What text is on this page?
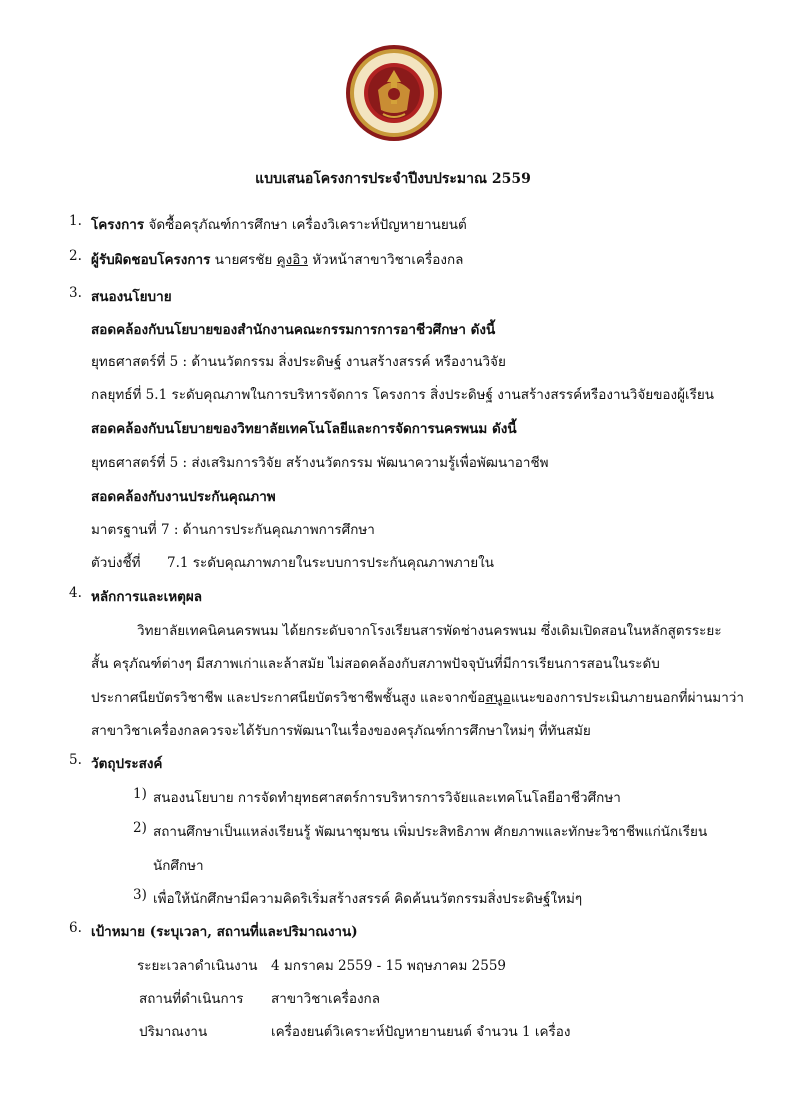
แบบเสนอโครงการประจำปีงบประมาณ 2559
1. โครงการ จัดซื้อครุภัณฑ์การศึกษา เครื่องวิเคราะห์ปัญหายานยนต์
2. ผู้รับผิดชอบโครงการ นายศรชัย คูงอิว หัวหน้าสาขาวิชาเครื่องกล
3. สนองนโยบาย
สอดคล้องกับนโยบายของสำนักงานคณะกรรมการการอาชีวศึกษา ดังนี้
ยุทธศาสตร์ที่ 5 : ด้านนวัตกรรม สิ่งประดิษฐ์ งานสร้างสรรค์ หรืองานวิจัย
กลยุทธ์ที่ 5.1 ระดับคุณภาพในการบริหารจัดการ โครงการ สิ่งประดิษฐ์ งานสร้างสรรค์หรืองานวิจัยของผู้เรียน
สอดคล้องกับนโยบายของวิทยาลัยเทคโนโลยีและการจัดการนครพนม ดังนี้
ยุทธศาสตร์ที่ 5 : ส่งเสริมการวิจัย สร้างนวัตกรรม พัฒนาความรู้เพื่อพัฒนาอาชีพ
สอดคล้องกับงานประกันคุณภาพ
มาตรฐานที่ 7 : ด้านการประกันคุณภาพการศึกษา
ตัวบ่งชี้ที่ 7.1 ระดับคุณภาพภายในระบบการประกันคุณภาพภายใน
4. หลักการและเหตุผล
วิทยาลัยเทคนิคนครพนม ได้ยกระดับจากโรงเรียนสารพัดช่างนครพนม ซึ่งเดิมเปิดสอนในหลักสูตรระยะ
สั้น ครุภัณฑ์ต่างๆ มีสภาพเก่าและล้าสมัย ไม่สอดคล้องกับสภาพปัจจุบันที่มีการเรียนการสอนในระดับ
ประกาศนียบัตรวิชาชีพ และประกาศนียบัตรวิชาชีพชั้นสูง และจากข้อสนูอแนะของการประเมินภายนอกที่ผ่านมาว่า
สาขาวิชาเครื่องกลควรจะได้รับการพัฒนาในเรื่องของครุภัณฑ์การศึกษาใหม่ๆ ที่ทันสมัย
5. วัตถุประสงค์
1) สนองนโยบาย การจัดทำยุทธศาสตร์การบริหารการวิจัยและเทคโนโลยีอาชีวศึกษา
2) สถานศึกษาเป็นแหล่งเรียนรู้ พัฒนาชุมชน เพิ่มประสิทธิภาพ ศักยภาพและทักษะวิชาชีพแก่นักเรียน
นักศึกษา
3) เพื่อให้นักศึกษามีความคิดริเริ่มสร้างสรรค์ คิดค้นนวัตกรรมสิ่งประดิษฐ์ใหม่ๆ
6. เป้าหมาย (ระบุเวลา, สถานที่และปริมาณงาน)
ระยะเวลาดำเนินงาน 4 มกราคม 2559 - 15 พฤษภาคม 2559
สถานที่ดำเนินการ สาขาวิชาเครื่องกล
ปริมาณงาน	เครื่องยนต์วิเคราะห์ปัญหายานยนต์ จำนวน 1 เครื่อง
